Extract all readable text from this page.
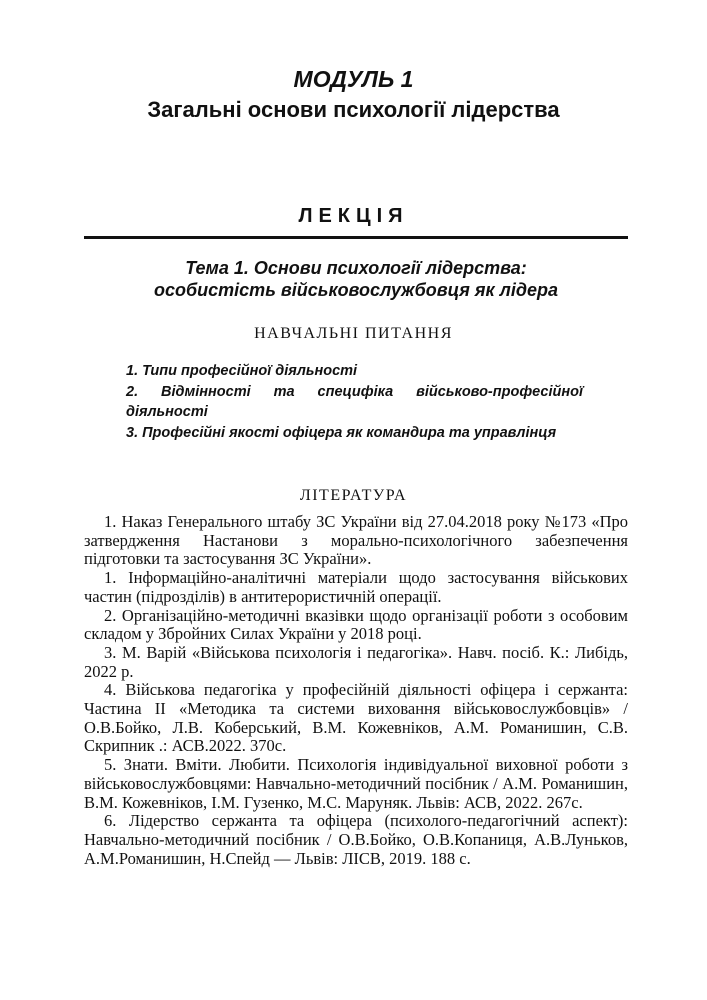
МОДУЛЬ 1
Загальні основи психології лідерства
ЛЕКЦІЯ
Тема 1. Основи психології лідерства:
особистість військовослужбовця як лідера
НАВЧАЛЬНІ ПИТАННЯ
1. Типи професійної діяльності
2. Відмінності та специфіка військово-професійної діяльності
3. Професійні якості офіцера як командира та управлінця
ЛІТЕРАТУРА
1. Наказ Генерального штабу ЗС України від 27.04.2018 року №173 «Про затвердження Настанови з морально-психологічного забезпечення підготовки та застосування ЗС України».
1. Інформаційно-аналітичні матеріали щодо застосування військових частин (підрозділів) в антитерористичній операції.
2. Організаційно-методичні вказівки щодо організації роботи з особовим складом у Збройних Силах України у 2018 році.
3. М. Варій «Військова психологія і педагогіка». Навч. посіб. К.: Либідь, 2022 р.
4. Військова педагогіка у професійній діяльності офіцера і сержанта: Частина ІІ «Методика та системи виховання військовослужбовців» / О.В.Бойко, Л.В. Коберський, В.М. Кожевніков, А.М. Романишин, С.В. Скрипник .: АСВ.2022. 370с.
5. Знати. Вміти. Любити. Психологія індивідуальної виховної роботи з військовослужбовцями: Навчально-методичний посібник / А.М. Романишин, В.М. Кожевніков, І.М. Гузенко, М.С. Маруняк. Львів: АСВ, 2022. 267с.
6. Лідерство сержанта та офіцера (психолого-педагогічний аспект): Навчально-методичний посібник / О.В.Бойко, О.В.Копаниця, А.В.Луньков, А.М.Романишин, Н.Спейд — Львів: ЛІСВ, 2019. 188 с.
